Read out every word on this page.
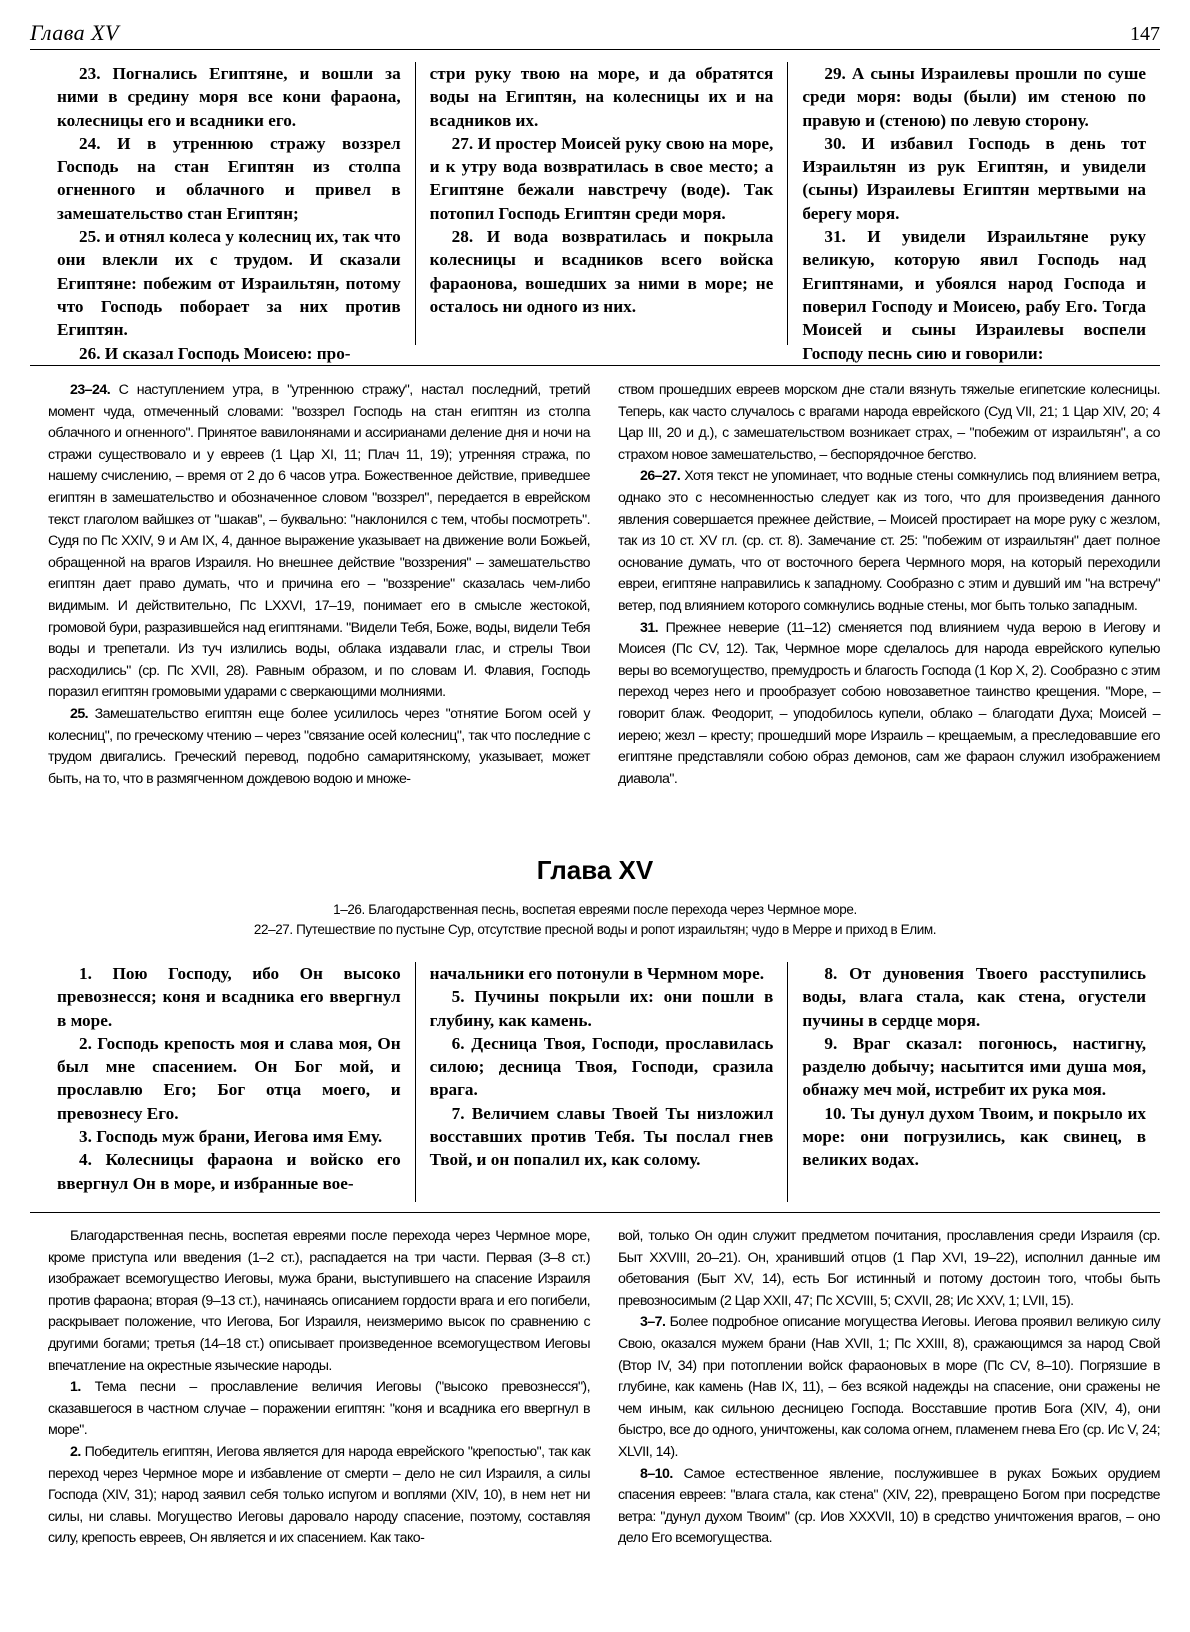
Глава XV	147

23. Погнались Египтяне, и вошли за ними в средину моря все кони фараона, колесницы его и всадники его.

24. И в утреннюю стражу воззрел Господь на стан Египтян из столпа огненного и облачного и привел в замешательство стан Египтян;

25. и отнял колеса у колесниц их, так что они влекли их с трудом. И сказали Египтяне: побежим от Израильтян, потому что Господь поборает за них против Египтян.

26. И сказал Господь Моисею: про-

стри руку твою на море, и да обратятся воды на Египтян, на колесницы их и на всадников их.

27. И простер Моисей руку свою на море, и к утру вода возвратилась в свое место; а Египтяне бежали навстречу (воде). Так потопил Господь Египтян среди моря.

28. И вода возвратилась и покрыла колесницы и всадников всего войска фараонова, вошедших за ними в море; не осталось ни одного из них.

29. А сыны Израилевы прошли по суше среди моря: воды (были) им стеною по правую и (стеною) по левую сторону.

30. И избавил Господь в день тот Израильтян из рук Египтян, и увидели (сыны) Израилевы Египтян мертвыми на берегу моря.

31. И увидели Израильтяне руку великую, которую явил Господь над Египтянами, и убоялся народ Господа и поверил Господу и Моисею, рабу Его. Тогда Моисей и сыны Израилевы воспели Господу песнь сию и говорили:

23–24. С наступлением утра, в "утреннюю стражу", настал последний, третий момент чуда, отмеченный словами: "воззрел Господь на стан египтян из столпа облачного и огненного". Принятое вавилонянами и ассирианами деление дня и ночи на стражи существовало и у евреев (1 Цар XI, 11; Плач 11, 19); утренняя стража, по нашему счислению, – время от 2 до 6 часов утра. Божественное действие, приведшее египтян в замешательство и обозначенное словом "воззрел", передается в еврейском текст глаголом вайшкез от "шакав", – буквально: "наклонился с тем, чтобы посмотреть". Судя по Пс XXIV, 9 и Ам IX, 4, данное выражение указывает на движение воли Божьей, обращенной на врагов Израиля. Но внешнее действие "воззрения" – замешательство египтян дает право думать, что и причина его – "воззрение" сказалась чем-либо видимым. И действительно, Пс LXXVI, 17–19, понимает его в смысле жестокой, громовой бури, разразившейся над египтянами. "Видели Тебя, Боже, воды, видели Тебя воды и трепетали. Из туч излились воды, облака издавали глас, и стрелы Твои расходились" (ср. Пс XVII, 28). Равным образом, и по словам И. Флавия, Господь поразил египтян громовыми ударами с сверкающими молниями.

25. Замешательство египтян еще более усилилось через "отнятие Богом осей у колесниц", по греческому чтению – через "связание осей колесниц", так что последние с трудом двигались. Греческий перевод, подобно самаритянскому, указывает, может быть, на то, что в размягченном дождевою водою и множе-

ством прошедших евреев морском дне стали вязнуть тяжелые египетские колесницы. Теперь, как часто случалось с врагами народа еврейского (Суд VII, 21; 1 Цар XIV, 20; 4 Цар III, 20 и д.), с замешательством возникает страх, – "побежим от израильтян", а со страхом новое замешательство, – беспорядочное бегство.

26–27. Хотя текст не упоминает, что водные стены сомкнулись под влиянием ветра, однако это с несомненностью следует как из того, что для произведения данного явления совершается прежнее действие, – Моисей простирает на море руку с жезлом, так из 10 ст. XV гл. (ср. ст. 8). Замечание ст. 25: "побежим от израильтян" дает полное основание думать, что от восточного берега Чермного моря, на который переходили евреи, египтяне направились к западному. Сообразно с этим и дувший им "на встречу" ветер, под влиянием которого сомкнулись водные стены, мог быть только западным.

31. Прежнее неверие (11–12) сменяется под влиянием чуда верою в Иегову и Моисея (Пс CV, 12). Так, Чермное море сделалось для народа еврейского купелью веры во всемогущество, премудрость и благость Господа (1 Кор X, 2). Сообразно с этим переход через него и прообразует собою новозаветное таинство крещения. "Море, – говорит блаж. Феодорит, – уподобилось купели, облако – благодати Духа; Моисей – иерею; жезл – кресту; прошедший море Израиль – крещаемым, а преследовавшие его египтяне представляли собою образ демонов, сам же фараон служил изображением диавола".

Глава XV
1–26. Благодарственная песнь, воспетая евреями после перехода через Чермное море.
22–27. Путешествие по пустыне Сур, отсутствие пресной воды и ропот израильтян; чудо в Мерре и приход в Елим.

1. Пою Господу, ибо Он высоко превознесся; коня и всадника его ввергнул в море.

2. Господь крепость моя и слава моя, Он был мне спасением. Он Бог мой, и прославлю Его; Бог отца моего, и превознесу Его.

3. Господь муж брани, Иегова имя Ему.

4. Колесницы фараона и войско его ввергнул Он в море, и избранные вое-

начальники его потонули в Чермном море.

5. Пучины покрыли их: они пошли в глубину, как камень.

6. Десница Твоя, Господи, прославилась силою; десница Твоя, Господи, сразила врага.

7. Величием славы Твоей Ты низложил восставших против Тебя. Ты послал гнев Твой, и он попалил их, как солому.

8. От дуновения Твоего расступились воды, влага стала, как стена, огустели пучины в сердце моря.

9. Враг сказал: погонюсь, настигну, разделю добычу; насытится ими душа моя, обнажу меч мой, истребит их рука моя.

10. Ты дунул духом Твоим, и покрыло их море: они погрузились, как свинец, в великих водах.

Благодарственная песнь, воспетая евреями после перехода через Чермное море, кроме приступа или введения (1–2 ст.), распадается на три части. Первая (3–8 ст.) изображает всемогущество Иеговы, мужа брани, выступившего на спасение Израиля против фараона; вторая (9–13 ст.), начинаясь описанием гордости врага и его погибели, раскрывает положение, что Иегова, Бог Израиля, неизмеримо высок по сравнению с другими богами; третья (14–18 ст.) описывает произведенное всемогуществом Иеговы впечатление на окрестные языческие народы.

1. Тема песни – прославление величия Иеговы ("высоко превознесся"), сказавшегося в частном случае – поражении египтян: "коня и всадника его ввергнул в море".

2. Победитель египтян, Иегова является для народа еврейского "крепостью", так как переход через Чермное море и избавление от смерти – дело не сил Израиля, а силы Господа (XIV, 31); народ заявил себя только испугом и воплями (XIV, 10), в нем нет ни силы, ни славы. Могущество Иеговы даровало народу спасение, поэтому, составляя силу, крепость евреев, Он является и их спасением. Как тако-

вой, только Он один служит предметом почитания, прославления среди Израиля (ср. Быт XXVIII, 20–21). Он, хранивший отцов (1 Пар XVI, 19–22), исполнил данные им обетования (Быт XV, 14), есть Бог истинный и потому достоин того, чтобы быть превозносимым (2 Цар XXII, 47; Пс XCVIII, 5; CXVII, 28; Ис XXV, 1; LVII, 15).

3–7. Более подробное описание могущества Иеговы. Иегова проявил великую силу Свою, оказался мужем брани (Нав XVII, 1; Пс XXIII, 8), сражающимся за народ Свой (Втор IV, 34) при потоплении войск фараоновых в море (Пс CV, 8–10). Погрязшие в глубине, как камень (Нав IX, 11), – без всякой надежды на спасение, они сражены не чем иным, как сильною десницею Господа. Восставшие против Бога (XIV, 4), они быстро, все до одного, уничтожены, как солома огнем, пламенем гнева Его (ср. Ис V, 24; XLVII, 14).

8–10. Самое естественное явление, послужившее в руках Божьих орудием спасения евреев: "влага стала, как стена" (XIV, 22), превращено Богом при посредстве ветра: "дунул духом Твоим" (ср. Иов XXXVII, 10) в средство уничтожения врагов, – оно дело Его всемогущества.
